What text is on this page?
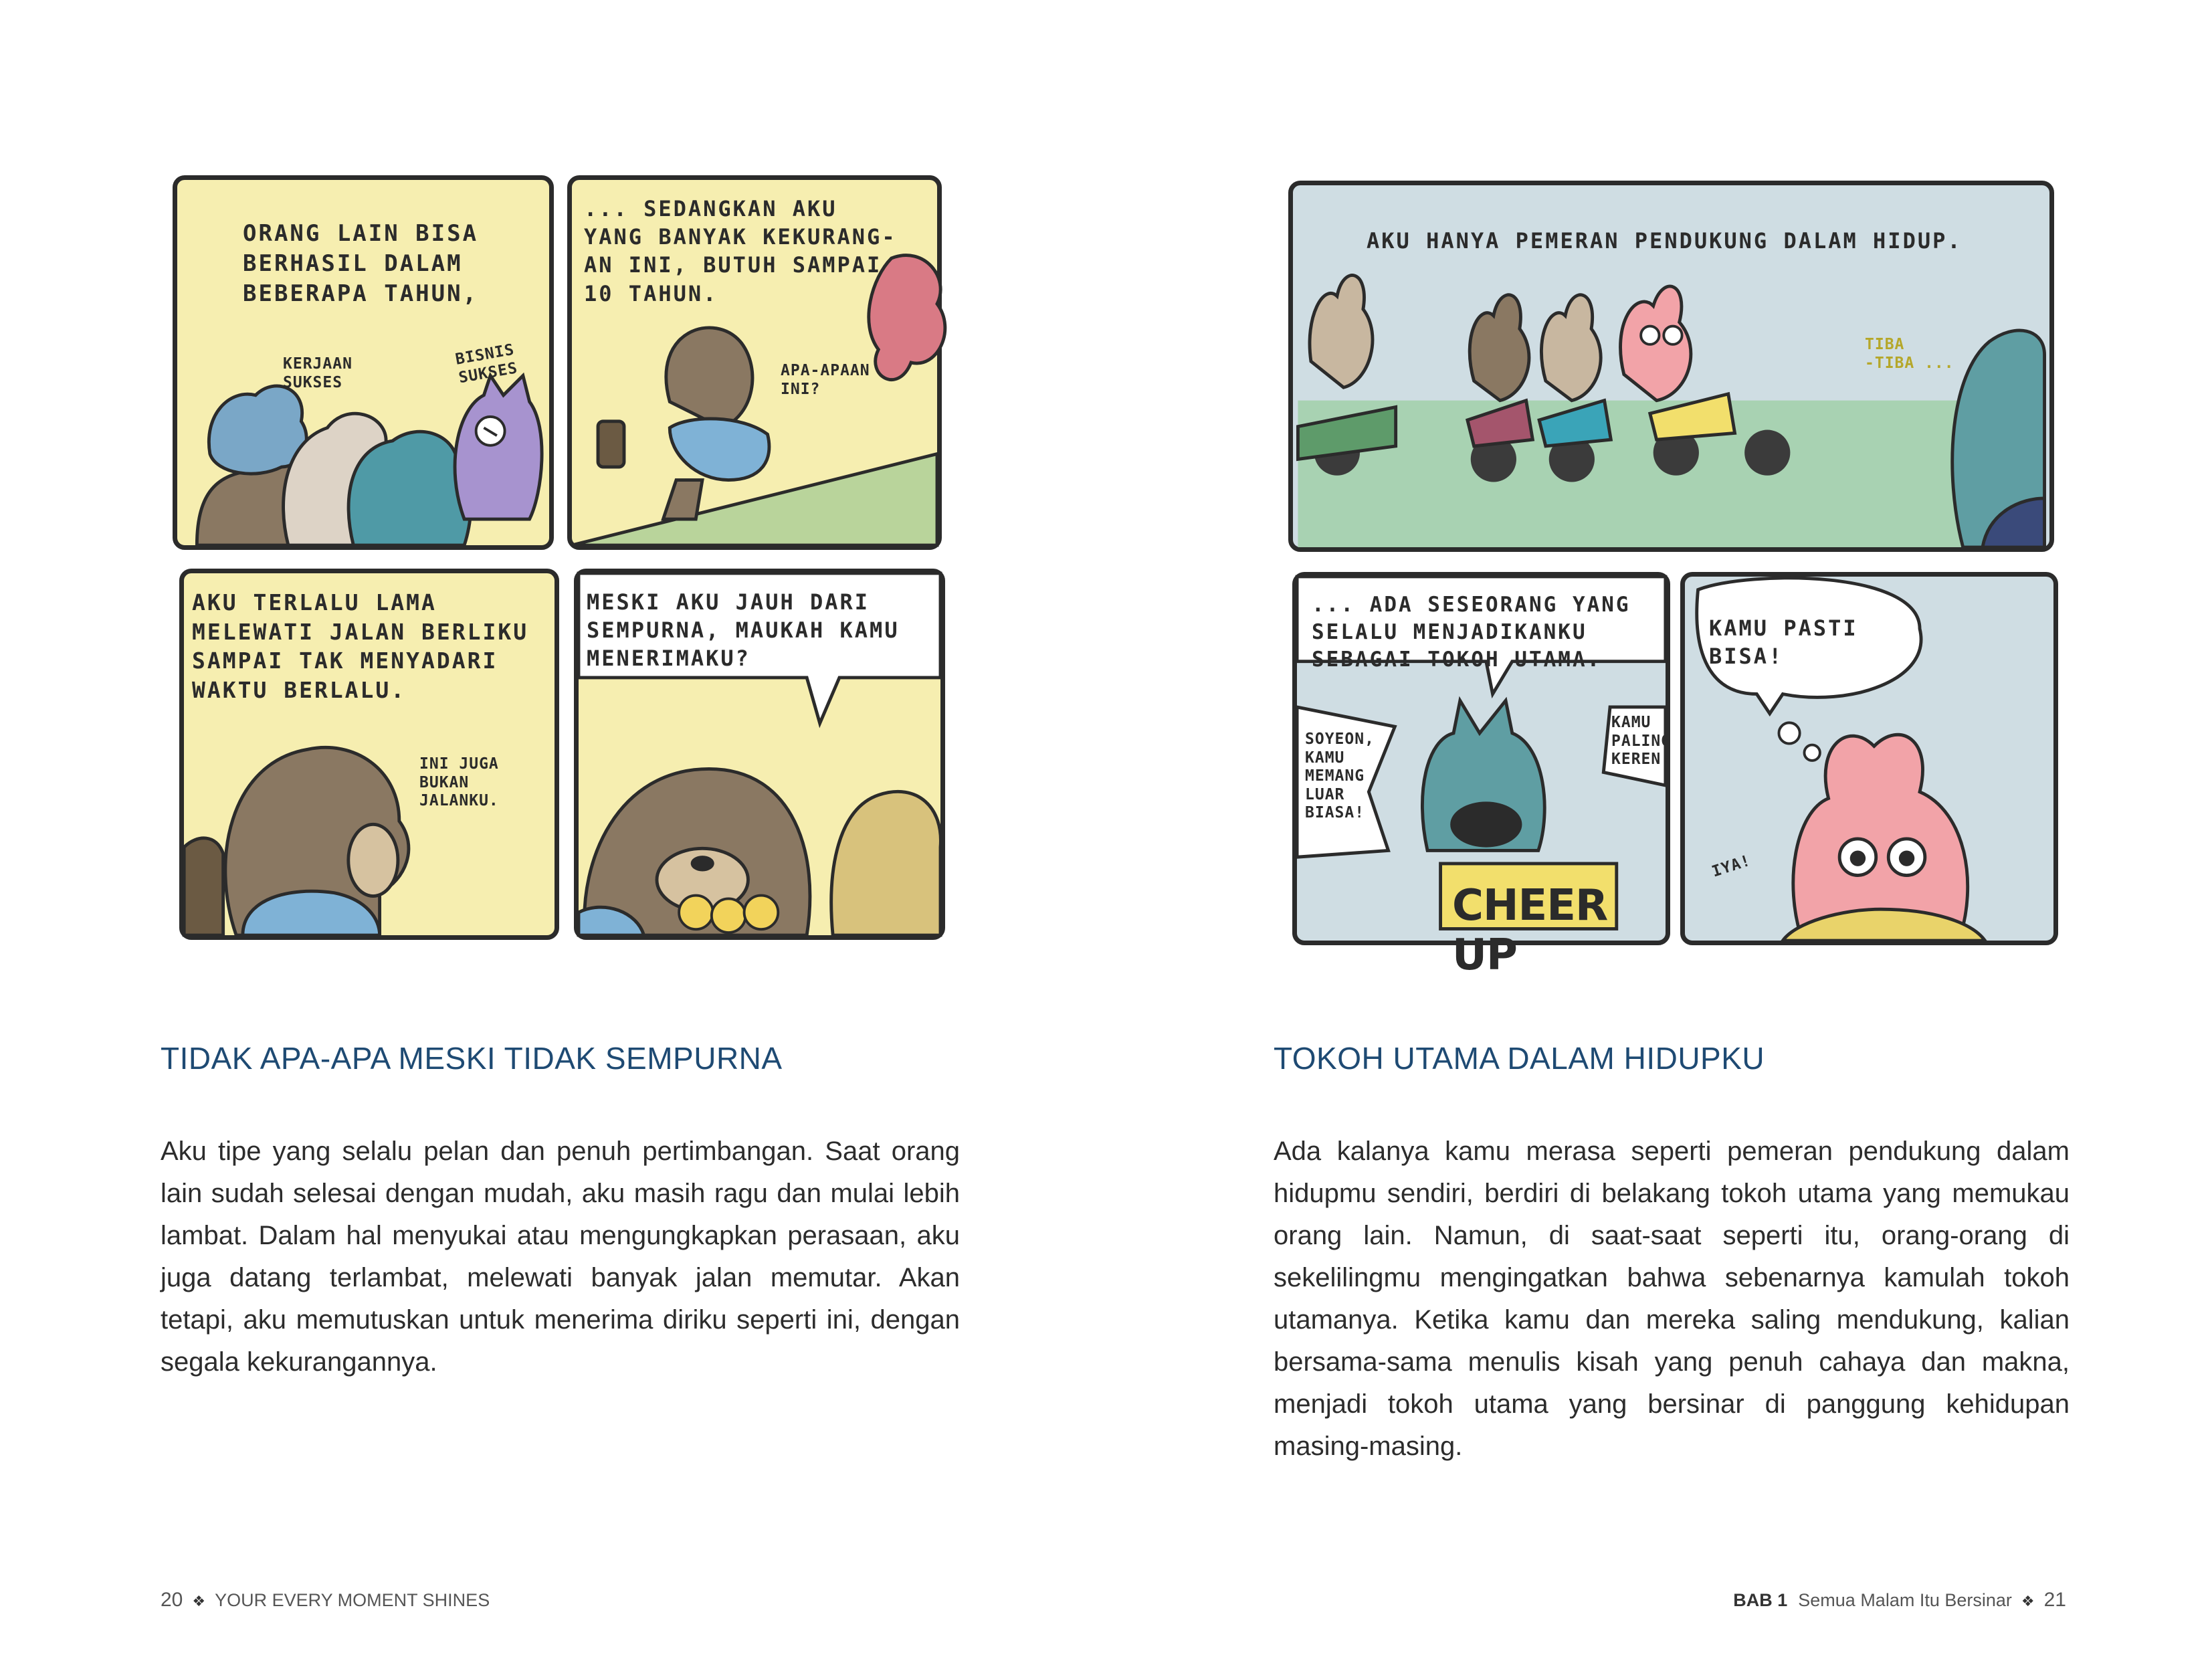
ORANG LAIN BISA
BERHASIL DALAM
BEBERAPA TAHUN,
KERJAAN
SUKSES
BISNIS
SUKSES
... SEDANGKAN AKU
YANG BANYAK KEKURANG-
AN INI, BUTUH SAMPAI
10 TAHUN.
APA-APAAN
INI?
AKU TERLALU LAMA
MELEWATI JALAN BERLIKU
SAMPAI TAK MENYADARI
WAKTU BERLALU.
INI JUGA
BUKAN
JALANKU.
MESKI AKU JAUH DARI
SEMPURNA, MAUKAH KAMU
MENERIMAKU?
TIDAK APA-APA MESKI TIDAK SEMPURNA
Aku tipe yang selalu pelan dan penuh pertimbangan. Saat orang lain sudah selesai dengan mudah, aku masih ragu dan mulai lebih lambat. Dalam hal menyukai atau mengungkapkan perasaan, aku juga datang terlambat, melewati banyak jalan memutar. Akan tetapi, aku memutuskan untuk menerima diriku seperti ini, dengan segala kekurangannya.
20 ❖ YOUR EVERY MOMENT SHINES
AKU HANYA PEMERAN PENDUKUNG DALAM HIDUP.
TIBA
-TIBA ...
... ADA SESEORANG YANG
SELALU MENJADIKANKU
SEBAGAI TOKOH UTAMA.
SOYEON,
KAMU
MEMANG
LUAR
BIASA!
KAMU
PALING
KEREN!
CHEER UP
KAMU PASTI
BISA!
IYA!
TOKOH UTAMA DALAM HIDUPKU
Ada kalanya kamu merasa seperti pemeran pendukung dalam hidupmu sendiri, berdiri di belakang tokoh utama yang memukau orang lain. Namun, di saat-saat seperti itu, orang-orang di sekelilingmu mengingatkan bahwa sebenarnya kamulah tokoh utamanya. Ketika kamu dan mereka saling mendukung, kalian bersama-sama menulis kisah yang penuh cahaya dan makna, menjadi tokoh utama yang bersinar di panggung kehidupan masing-masing.
BAB 1 Semua Malam Itu Bersinar ❖ 21
